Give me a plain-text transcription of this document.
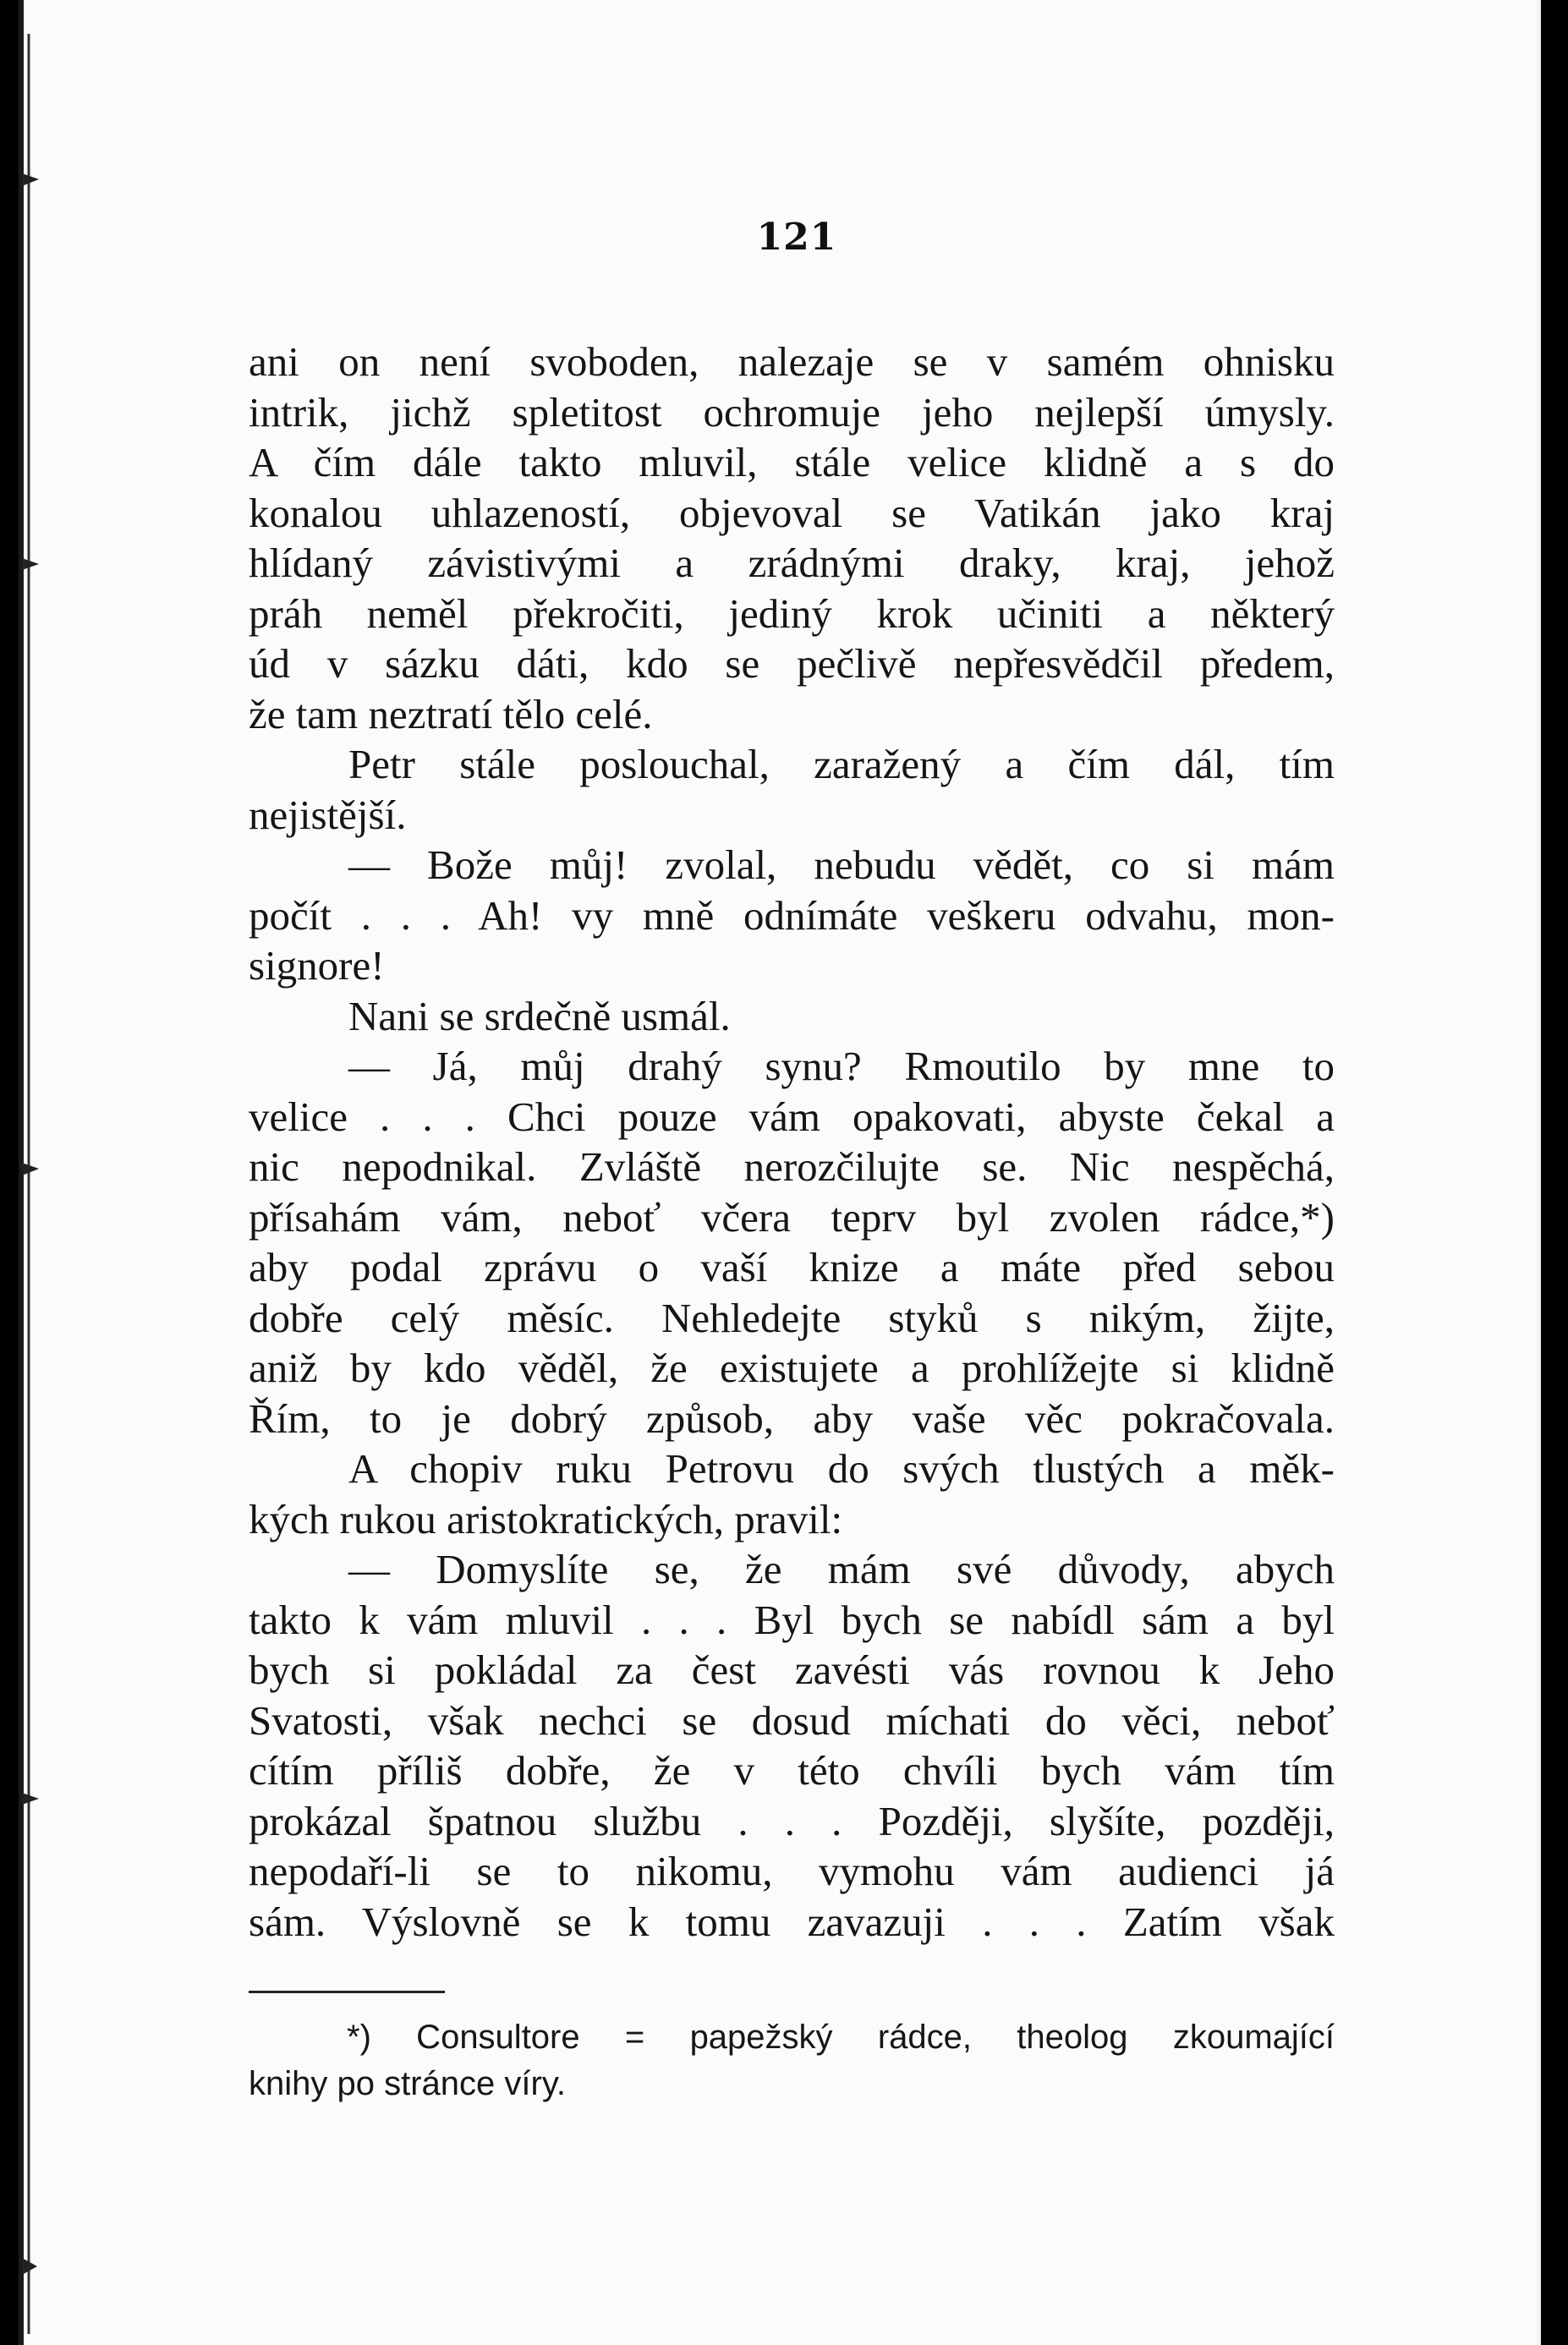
121
ani on není svoboden, nalezaje se v samém ohnisku
intrik, jichž spletitost ochromuje jeho nejlepší úmysly.
A čím dále takto mluvil, stále velice klidně a s do
konalou uhlazeností, objevoval se Vatikán jako kraj
hlídaný závistivými a zrádnými draky, kraj, jehož
práh neměl překročiti, jediný krok učiniti a některý
úd v sázku dáti, kdo se pečlivě nepřesvědčil předem,
že tam neztratí tělo celé.
Petr stále poslouchal, zaražený a čím dál, tím
nejistější.
— Bože můj! zvolal, nebudu vědět, co si mám
počít . . . Ah! vy mně odnímáte veškeru odvahu, mon-
signore!
Nani se srdečně usmál.
— Já, můj drahý synu? Rmoutilo by mne to
velice . . . Chci pouze vám opakovati, abyste čekal a
nic nepodnikal. Zvláště nerozčilujte se. Nic nespěchá,
přísahám vám, neboť včera teprv byl zvolen rádce,*)
aby podal zprávu o vaší knize a máte před sebou
dobře celý měsíc. Nehledejte styků s nikým, žijte,
aniž by kdo věděl, že existujete a prohlížejte si klidně
Řím, to je dobrý způsob, aby vaše věc pokračovala.
A chopiv ruku Petrovu do svých tlustých a měk-
kých rukou aristokratických, pravil:
— Domyslíte se, že mám své důvody, abych
takto k vám mluvil . . . Byl bych se nabídl sám a byl
bych si pokládal za čest zavésti vás rovnou k Jeho
Svatosti, však nechci se dosud míchati do věci, neboť
cítím příliš dobře, že v této chvíli bych vám tím
prokázal špatnou službu . . . Později, slyšíte, později,
nepodaří-li se to nikomu, vymohu vám audienci já
sám. Výslovně se k tomu zavazuji . . . Zatím však
*) Consultore = papežský rádce, theolog zkoumající
knihy po stránce víry.
